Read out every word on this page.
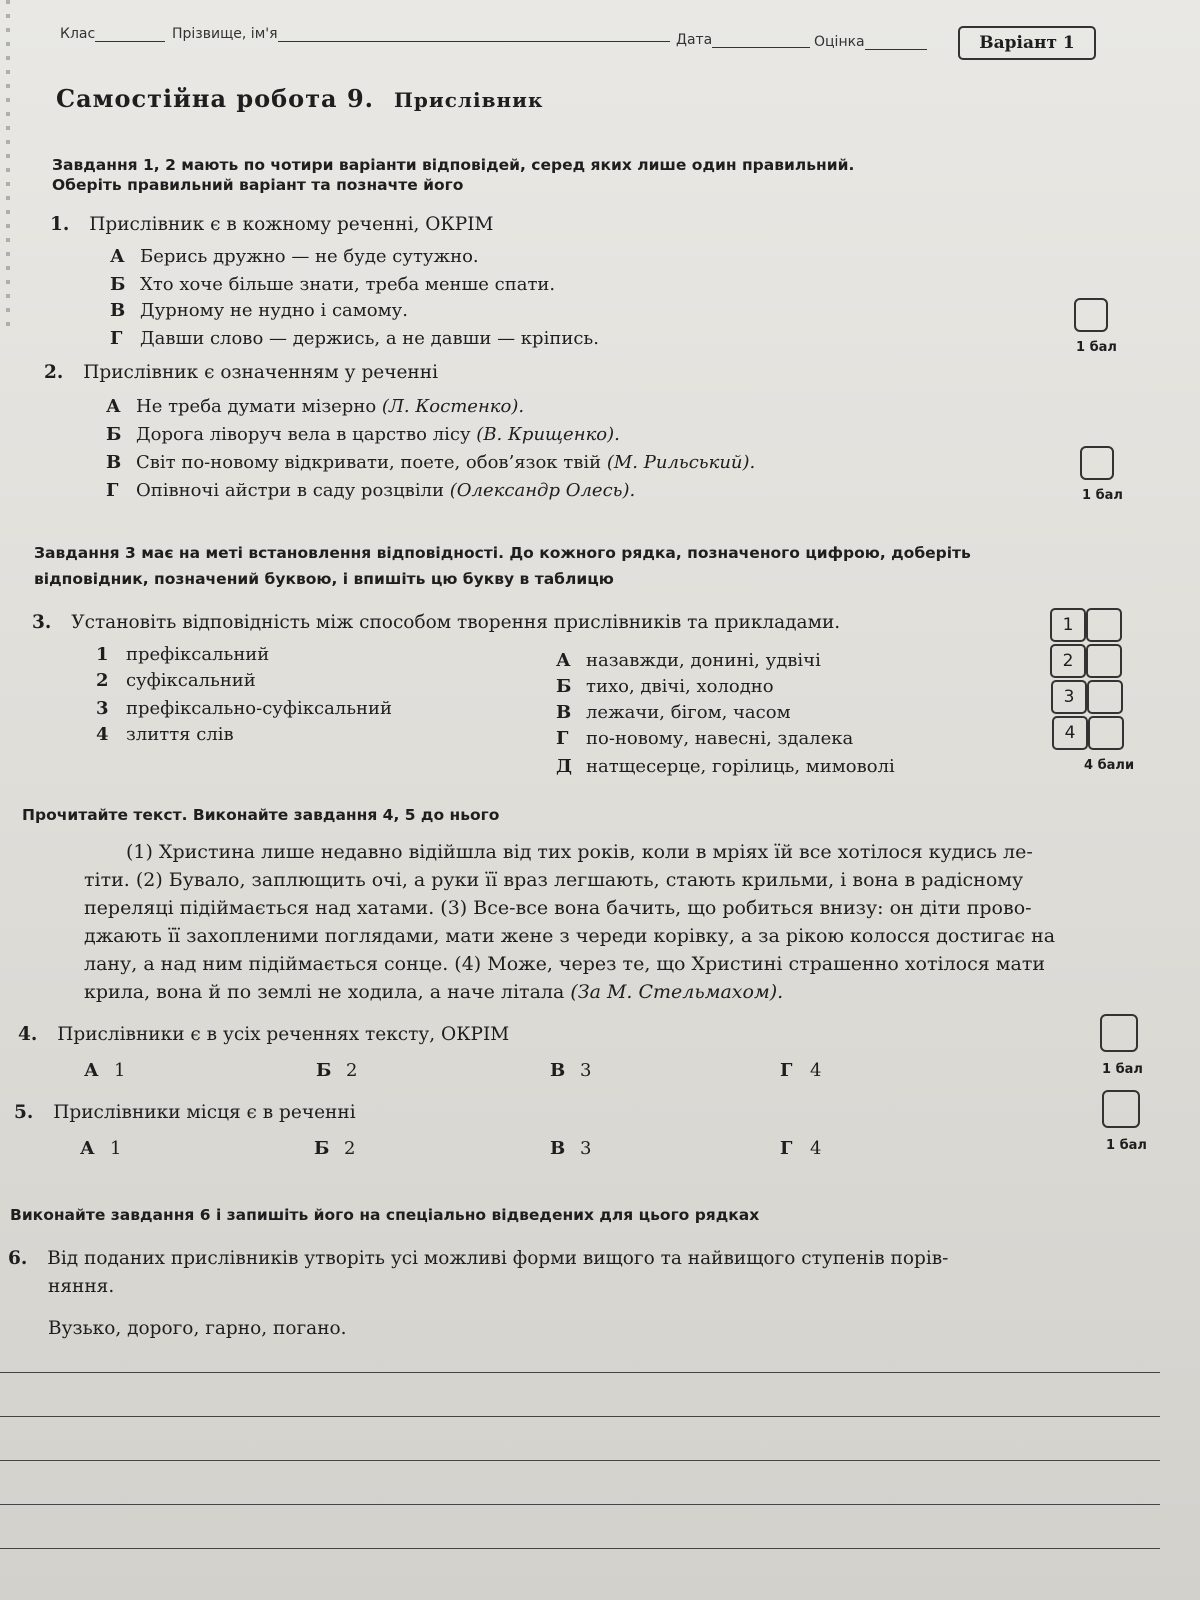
Клас	Прізвище, ім'я	Дата	Оцінка	Варіант 1
Самостійна робота 9. Прислівник
Завдання 1, 2 мають по чотири варіанти відповідей, серед яких лише один правильний.
Оберіть правильний варіант та позначте його
1. Прислівник є в кожному реченні, ОКРІМ
А Берись дружно — не буде сутужно.
Б Хто хоче більше знати, треба менше спати.
В Дурному не нудно і самому.
Г Давши слово — держись, а не давши — кріпись.	1 бал
2. Прислівник є означенням у реченні
А Не треба думати мізерно (Л. Костенко).
Б Дорога ліворуч вела в царство лісу (В. Крищенко).
В Світ по-новому відкривати, поете, обов’язок твій (М. Рильський).
Г Опівночі айстри в саду розцвіли (Олександр Олесь).	1 бал
Завдання 3 має на меті встановлення відповідності. До кожного рядка, позначеного цифрою, доберіть
відповідник, позначений буквою, і впишіть цю букву в таблицю
3. Установіть відповідність між способом творення прислівників та прикладами.
1 префіксальний
2 суфіксальний
3 префіксально-суфіксальний
4 злиття слів
А назавжди, донині, удвічі
Б тихо, двічі, холодно
В лежачи, бігом, часом
Г по-новому, навесні, здалека
Д натщесерце, горілиць, мимоволі
1
2
3
4
4 бали
Прочитайте текст. Виконайте завдання 4, 5 до нього
(1) Христина лише недавно відійшла від тих років, коли в мріях їй все хотілося кудись ле-
тіти. (2) Бувало, заплющить очі, а руки її враз легшають, стають крильми, і вона в радісному
переляці підіймається над хатами. (3) Все-все вона бачить, що робиться внизу: он діти прово-
джають її захопленими поглядами, мати жене з череди корівку, а за рікою колосся достигає на
лану, а над ним підіймається сонце. (4) Може, через те, що Христині страшенно хотілося мати
крила, вона й по землі не ходила, а наче літала (За М. Стельмахом).
4. Прислівники є в усіх реченнях тексту, ОКРІМ
А 1	Б 2	В 3	Г 4	1 бал
5. Прислівники місця є в реченні
А 1	Б 2	В 3	Г 4	1 бал
Виконайте завдання 6 і запишіть його на спеціально відведених для цього рядках
6. Від поданих прислівників утворіть усі можливі форми вищого та найвищого ступенів порів-
няння.
Вузько, дорого, гарно, погано.
